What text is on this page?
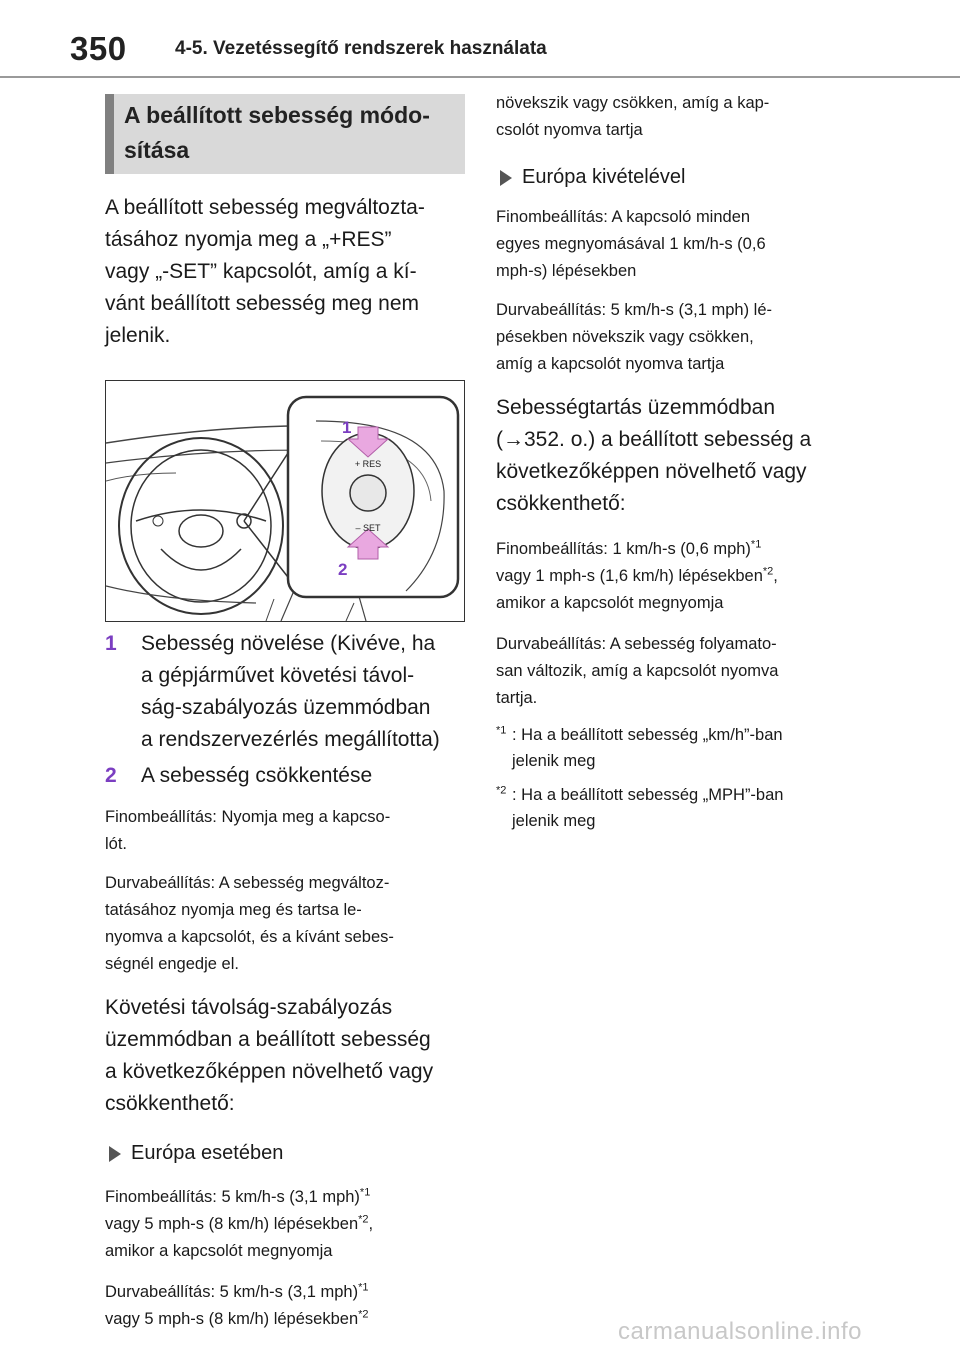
350	4-5. Vezetéssegítő rendszerek használata
A beállított sebesség módo-
sítása

A beállított sebesség megváltozta-
tásához nyomja meg a „+RES”
vagy „-SET” kapcsolót, amíg a kí-
vánt beállított sebesség meg nem
jelenik.

+ RES
– SET
1
2
1 Sebesség növelése (Kivéve, ha
a gépjárművet követési távol-
ság-szabályozás üzemmódban
a rendszervezérlés megállította)
2 A sebesség csökkentése

Finombeállítás: Nyomja meg a kapcso-
lót.

Durvabeállítás: A sebesség megváltoz-
tatásához nyomja meg és tartsa le-
nyomva a kapcsolót, és a kívánt sebes-
ségnél engedje el.

Követési távolság-szabályozás
üzemmódban a beállított sebesség
a következőképpen növelhető vagy
csökkenthető:

Európa esetében

Finombeállítás: 5 km/h-s (3,1 mph)$^{*1}$
vagy 5 mph-s (8 km/h) lépésekben$^{*2}$,
amikor a kapcsolót megnyomja

Durvabeállítás: 5 km/h-s (3,1 mph)$^{*1}$
vagy 5 mph-s (8 km/h) lépésekben$^{*2}$

növekszik vagy csökken, amíg a kap-
csolót nyomva tartja

Európa kivételével

Finombeállítás: A kapcsoló minden
egyes megnyomásával 1 km/h-s (0,6
mph-s) lépésekben

Durvabeállítás: 5 km/h-s (3,1 mph) lé-
pésekben növekszik vagy csökken,
amíg a kapcsolót nyomva tartja

Sebességtartás üzemmódban
(→352. o.) a beállított sebesség a
következőképpen növelhető vagy
csökkenthető:

Finombeállítás: 1 km/h-s (0,6 mph)$^{*1}$
vagy 1 mph-s (1,6 km/h) lépésekben$^{*2}$,
amikor a kapcsolót megnyomja

Durvabeállítás: A sebesség folyamato-
san változik, amíg a kapcsolót nyomva
tartja.

$^{*1}$ : Ha a beállított sebesség „km/h”-ban
jelenik meg
$^{*2}$ : Ha a beállított sebesség „MPH”-ban
jelenik meg
carmanualsonline.info
